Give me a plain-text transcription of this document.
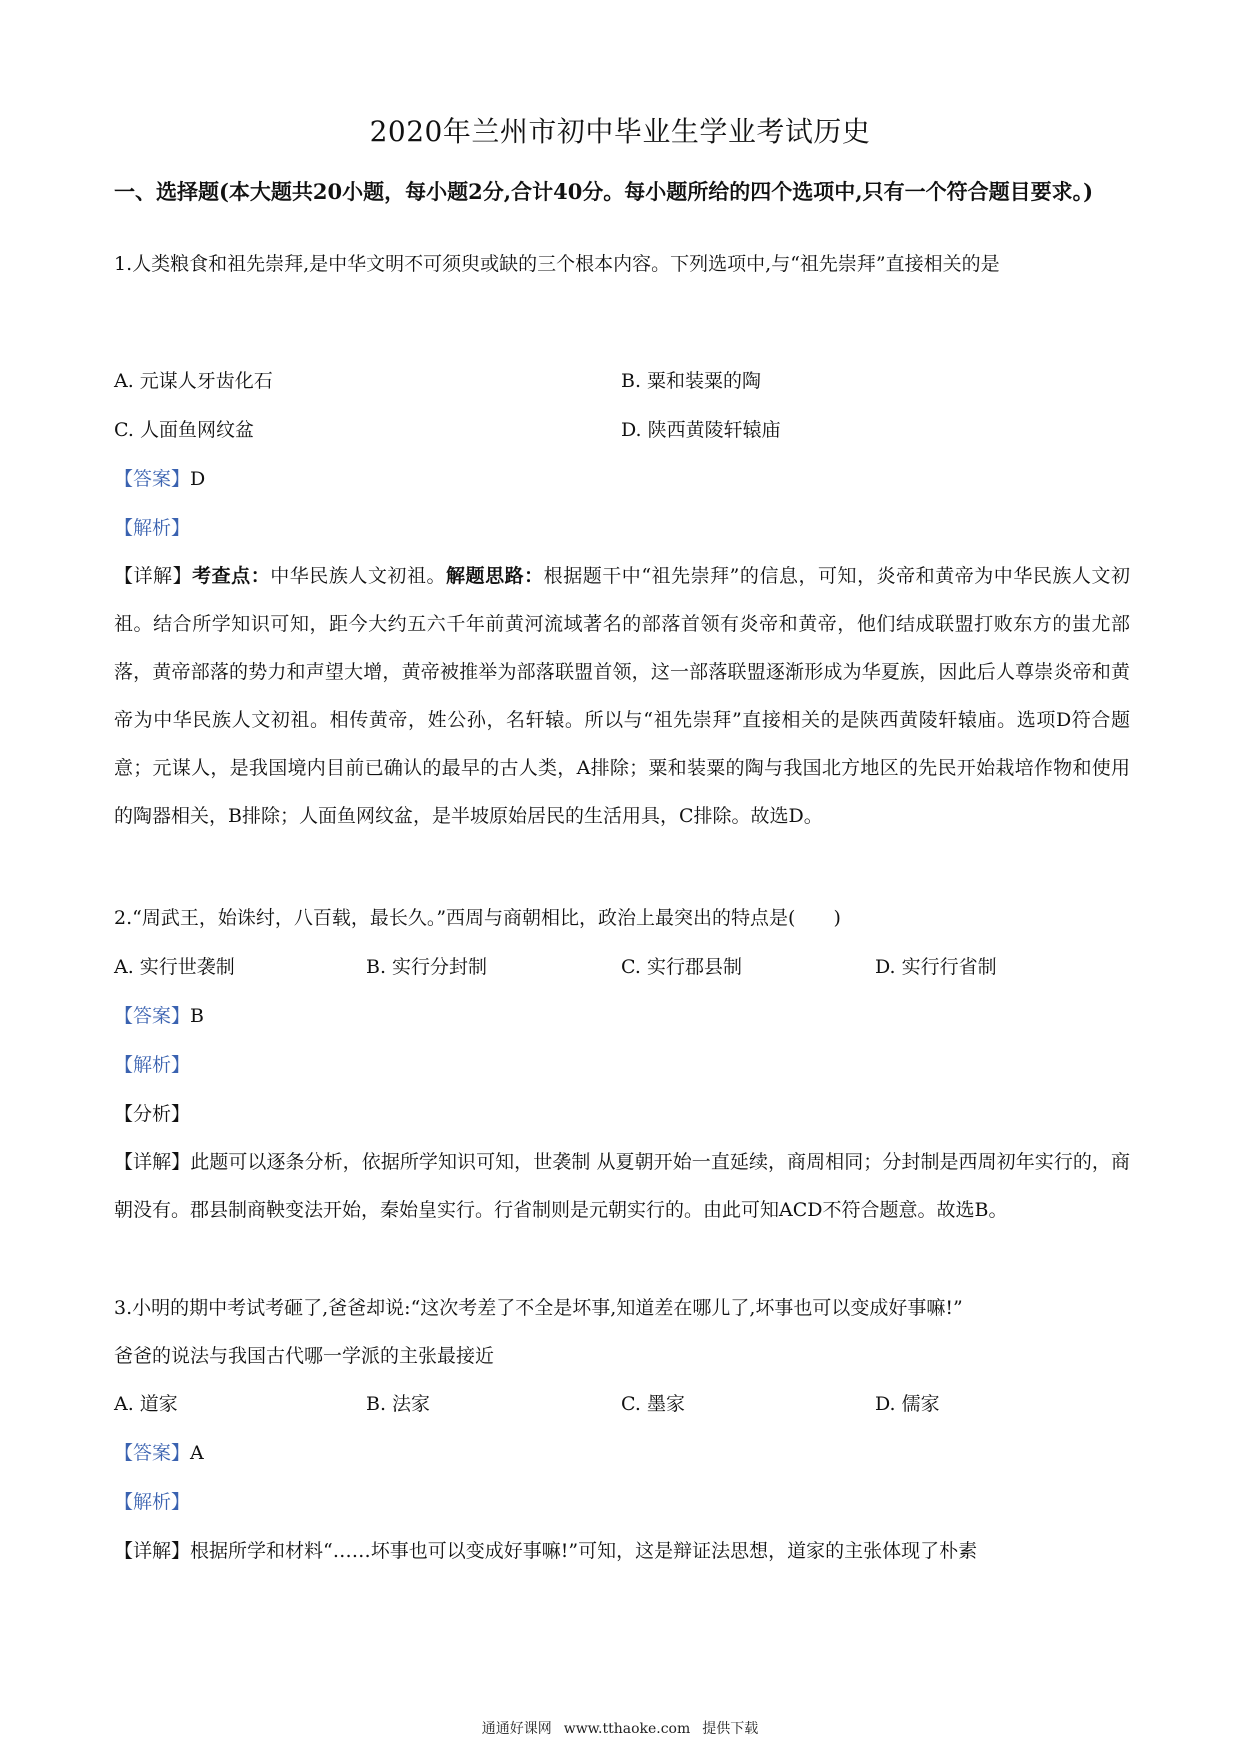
2020年兰州市初中毕业生学业考试历史
一、选择题(本大题共20小题，每小题2分,合计40分。每小题所给的四个选项中,只有一个符合题目要求。)
1.人类粮食和祖先崇拜,是中华文明不可须臾或缺的三个根本内容。下列选项中,与“祖先崇拜”直接相关的是
A. 元谋人牙齿化石	B. 粟和装粟的陶
C. 人面鱼网纹盆	D. 陕西黄陵轩辕庙
【答案】D
【解析】
【详解】考查点：中华民族人文初祖。解题思路：根据题干中“祖先崇拜”的信息，可知，炎帝和黄帝为中华民族人文初祖。结合所学知识可知，距今大约五六千年前黄河流域著名的部落首领有炎帝和黄帝，他们结成联盟打败东方的蚩尤部落，黄帝部落的势力和声望大增，黄帝被推举为部落联盟首领，这一部落联盟逐渐形成为华夏族，因此后人尊崇炎帝和黄帝为中华民族人文初祖。相传黄帝，姓公孙，名轩辕。所以与“祖先崇拜”直接相关的是陕西黄陵轩辕庙。选项D符合题意；元谋人，是我国境内目前已确认的最早的古人类，A排除；粟和装粟的陶与我国北方地区的先民开始栽培作物和使用的陶器相关，B排除；人面鱼网纹盆，是半坡原始居民的生活用具，C排除。故选D。
2.“周武王，始诛纣，八百载，最长久。”西周与商朝相比，政治上最突出的特点是(　　)
A. 实行世袭制	B. 实行分封制	C. 实行郡县制	D. 实行行省制
【答案】B
【解析】
【分析】
【详解】此题可以逐条分析，依据所学知识可知，世袭制 从夏朝开始一直延续，商周相同；分封制是西周初年实行的，商朝没有。郡县制商鞅变法开始，秦始皇实行。行省制则是元朝实行的。由此可知ACD不符合题意。故选B。
3.小明的期中考试考砸了,爸爸却说:“这次考差了不全是坏事,知道差在哪儿了,坏事也可以变成好事嘛!”
爸爸的说法与我国古代哪一学派的主张最接近
A. 道家	B. 法家	C. 墨家	D. 儒家
【答案】A
【解析】
【详解】根据所学和材料“……坏事也可以变成好事嘛!”可知，这是辩证法思想，道家的主张体现了朴素
通通好课网 www.tthaoke.com 提供下载
